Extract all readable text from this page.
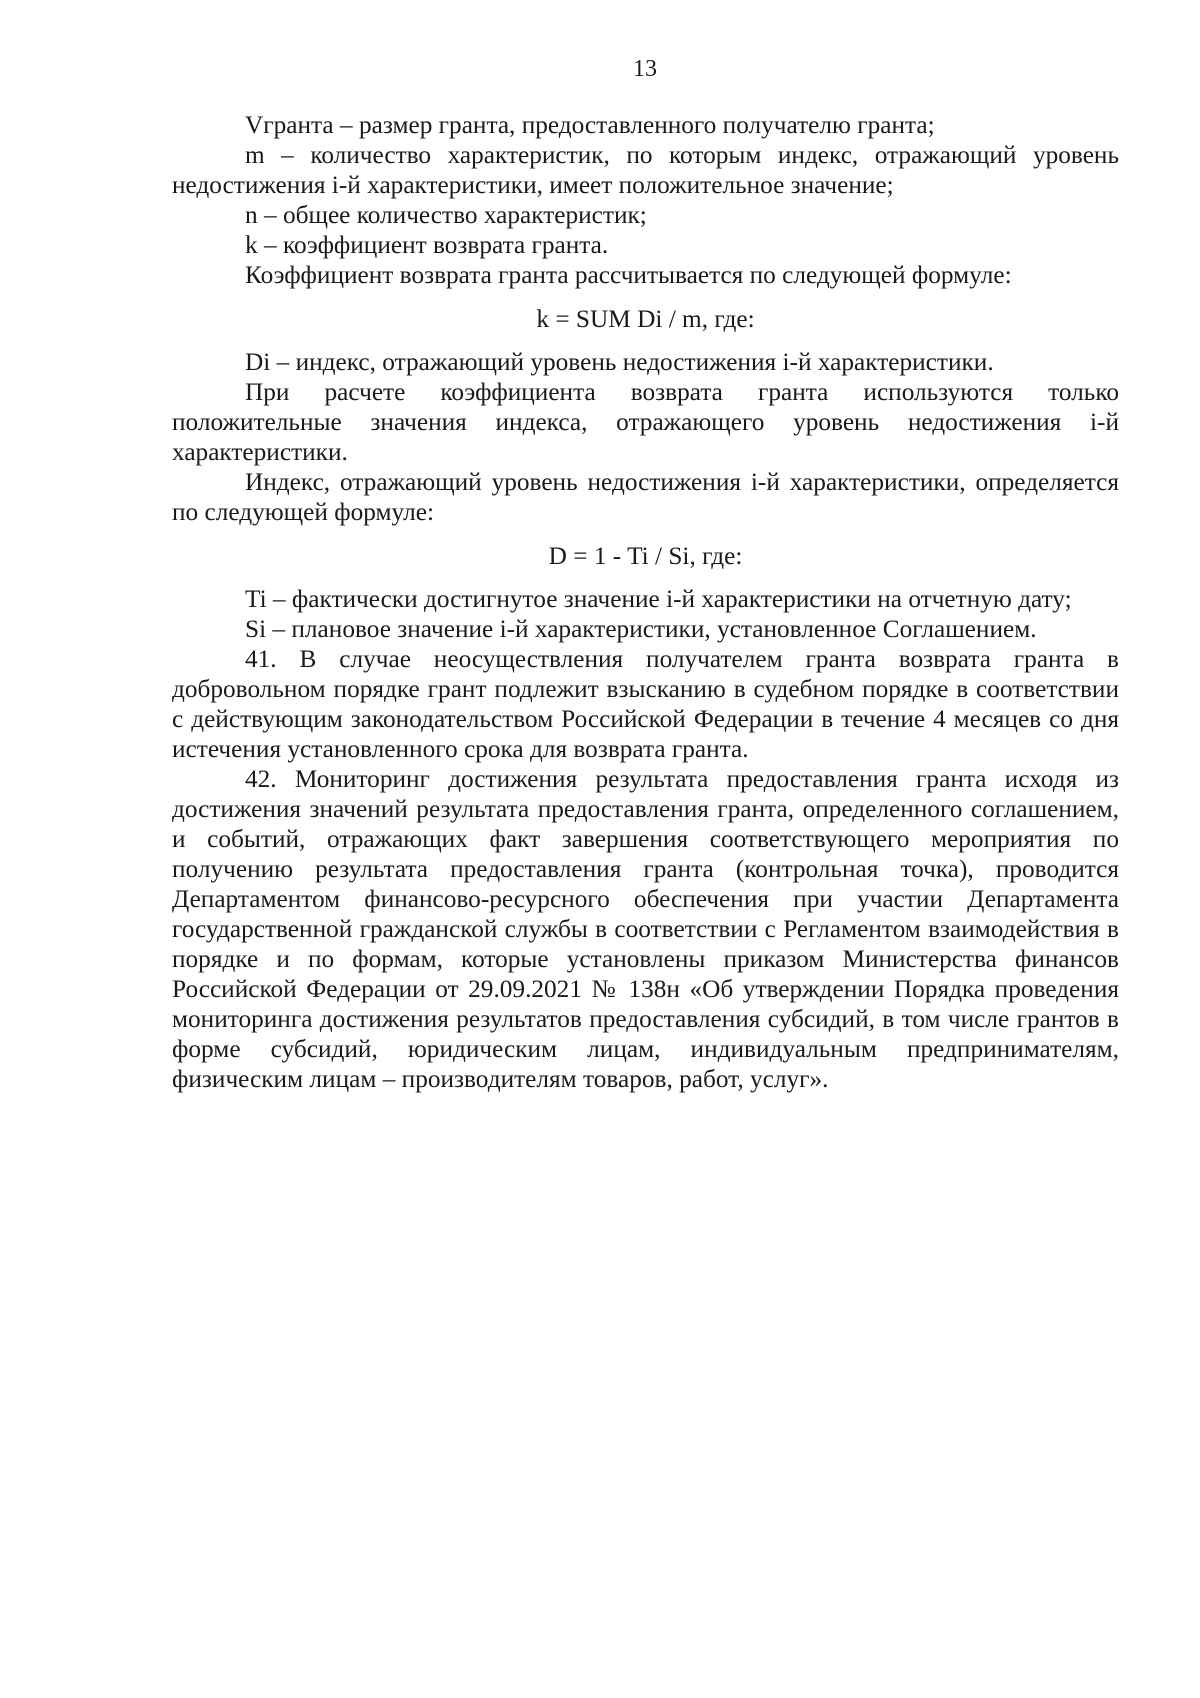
13

Vгранта – размер гранта, предоставленного получателю гранта;

m – количество характеристик, по которым индекс, отражающий уровень недостижения i-й характеристики, имеет положительное значение;

n – общее количество характеристик;

k – коэффициент возврата гранта.

Коэффициент возврата гранта рассчитывается по следующей формуле:

k = SUM Di / m, где:

Di – индекс, отражающий уровень недостижения i-й характеристики.

При расчете коэффициента возврата гранта используются только положительные значения индекса, отражающего уровень недостижения i-й характеристики.

Индекс, отражающий уровень недостижения i-й характеристики, определяется по следующей формуле:

D = 1 - Ti / Si, где:

Ti – фактически достигнутое значение i-й характеристики на отчетную дату;

Si – плановое значение i-й характеристики, установленное Соглашением.

41. В случае неосуществления получателем гранта возврата гранта в добровольном порядке грант подлежит взысканию в судебном порядке в соответствии с действующим законодательством Российской Федерации в течение 4 месяцев со дня истечения установленного срока для возврата гранта.

42. Мониторинг достижения результата предоставления гранта исходя из достижения значений результата предоставления гранта, определенного соглашением, и событий, отражающих факт завершения соответствующего мероприятия по получению результата предоставления гранта (контрольная точка), проводится Департаментом финансово-ресурсного обеспечения при участии Департамента государственной гражданской службы в соответствии с Регламентом взаимодействия в порядке и по формам, которые установлены приказом Министерства финансов Российской Федерации от 29.09.2021 № 138н «Об утверждении Порядка проведения мониторинга достижения результатов предоставления субсидий, в том числе грантов в форме субсидий, юридическим лицам, индивидуальным предпринимателям, физическим лицам – производителям товаров, работ, услуг».
